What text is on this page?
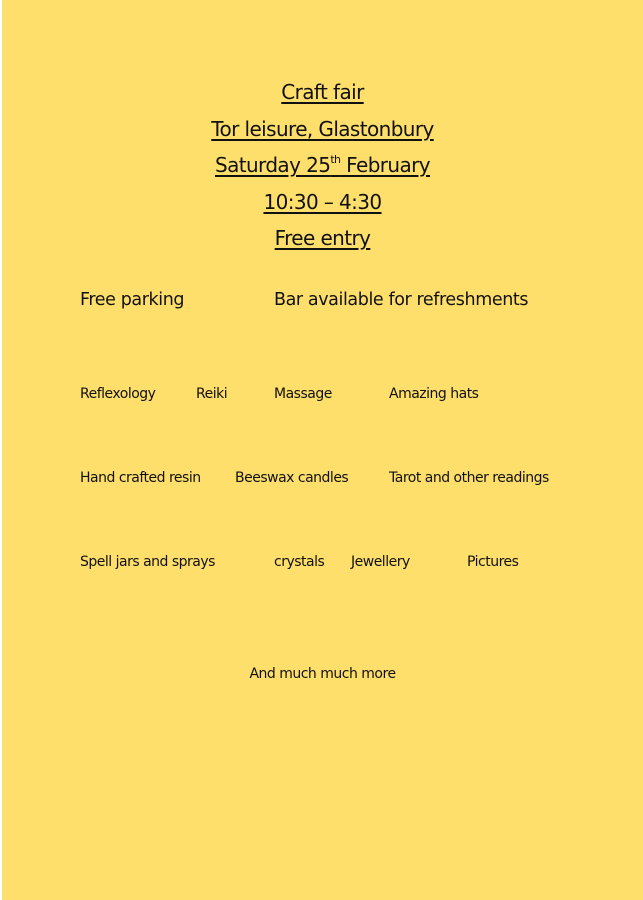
Craft fair
Tor leisure, Glastonbury
Saturday 25th February
10:30 – 4:30
Free entry
Free parking	Bar available for refreshments
Reflexology	Reiki	Massage	Amazing hats
Hand crafted resin Beeswax candles	Tarot and other readings
Spell jars and sprays	crystals Jewellery	Pictures
And much much more
